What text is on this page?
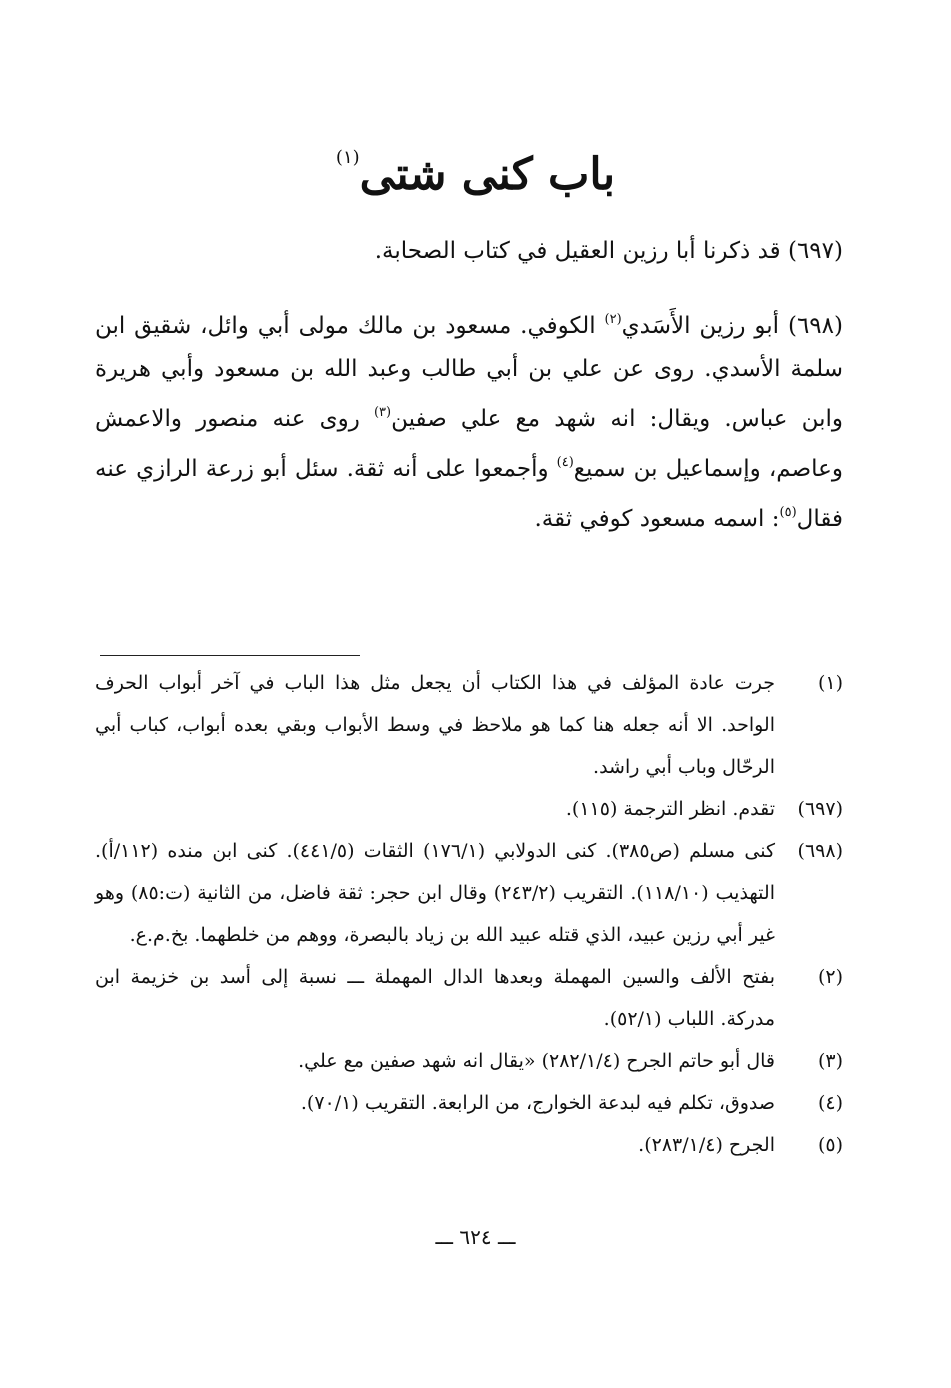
باب كنى شتى$^{(١)}$
(٦٩٧) قد ذكرنا أبا رزين العقيل في كتاب الصحابة.
(٦٩٨) أبو رزين الأَسَدي$^{(٢)}$ الكوفي. مسعود بن مالك مولى أبي وائل، شقيق ابن سلمة الأسدي. روى عن علي بن أبي طالب وعبد الله بن مسعود وأبي هريرة وابن عباس. ويقال: انه شهد مع علي صفين$^{(٣)}$ روى عنه منصور والاعمش وعاصم، وإسماعيل بن سميع$^{(٤)}$ وأجمعوا على أنه ثقة. سئل أبو زرعة الرازي عنه فقال$^{(٥)}$: اسمه مسعود كوفي ثقة.
(١)
جرت عادة المؤلف في هذا الكتاب أن يجعل مثل هذا الباب في آخر أبواب الحرف الواحد. الا أنه جعله هنا كما هو ملاحظ في وسط الأبواب وبقي بعده أبواب، كباب أبي الرحّال وباب أبي راشد.
(٦٩٧)
تقدم. انظر الترجمة (١١٥).
(٦٩٨)
كنى مسلم (ص٣٨٥). كنى الدولابي (١٧٦/١) الثقات (٤٤١/٥). كنى ابن منده (١١٢/أ). التهذيب (١١٨/١٠). التقريب (٢٤٣/٢) وقال ابن حجر: ثقة فاضل، من الثانية (ت:٨٥) وهو غير أبي رزين عبيد، الذي قتله عبيد الله بن زياد بالبصرة، ووهم من خلطهما. بخ.م.ع.
(٢)
بفتح الألف والسين المهملة وبعدها الدال المهملة ـــ نسبة إلى أسد بن خزيمة ابن مدركة. اللباب (٥٢/١).
(٣)
قال أبو حاتم الجرح (٢٨٢/١/٤) «يقال انه شهد صفين مع علي.
(٤)
صدوق، تكلم فيه لبدعة الخوارج، من الرابعة. التقريب (٧٠/١).
(٥)
الجرح (٢٨٣/١/٤).
ـــ ٦٢٤ ـــ
